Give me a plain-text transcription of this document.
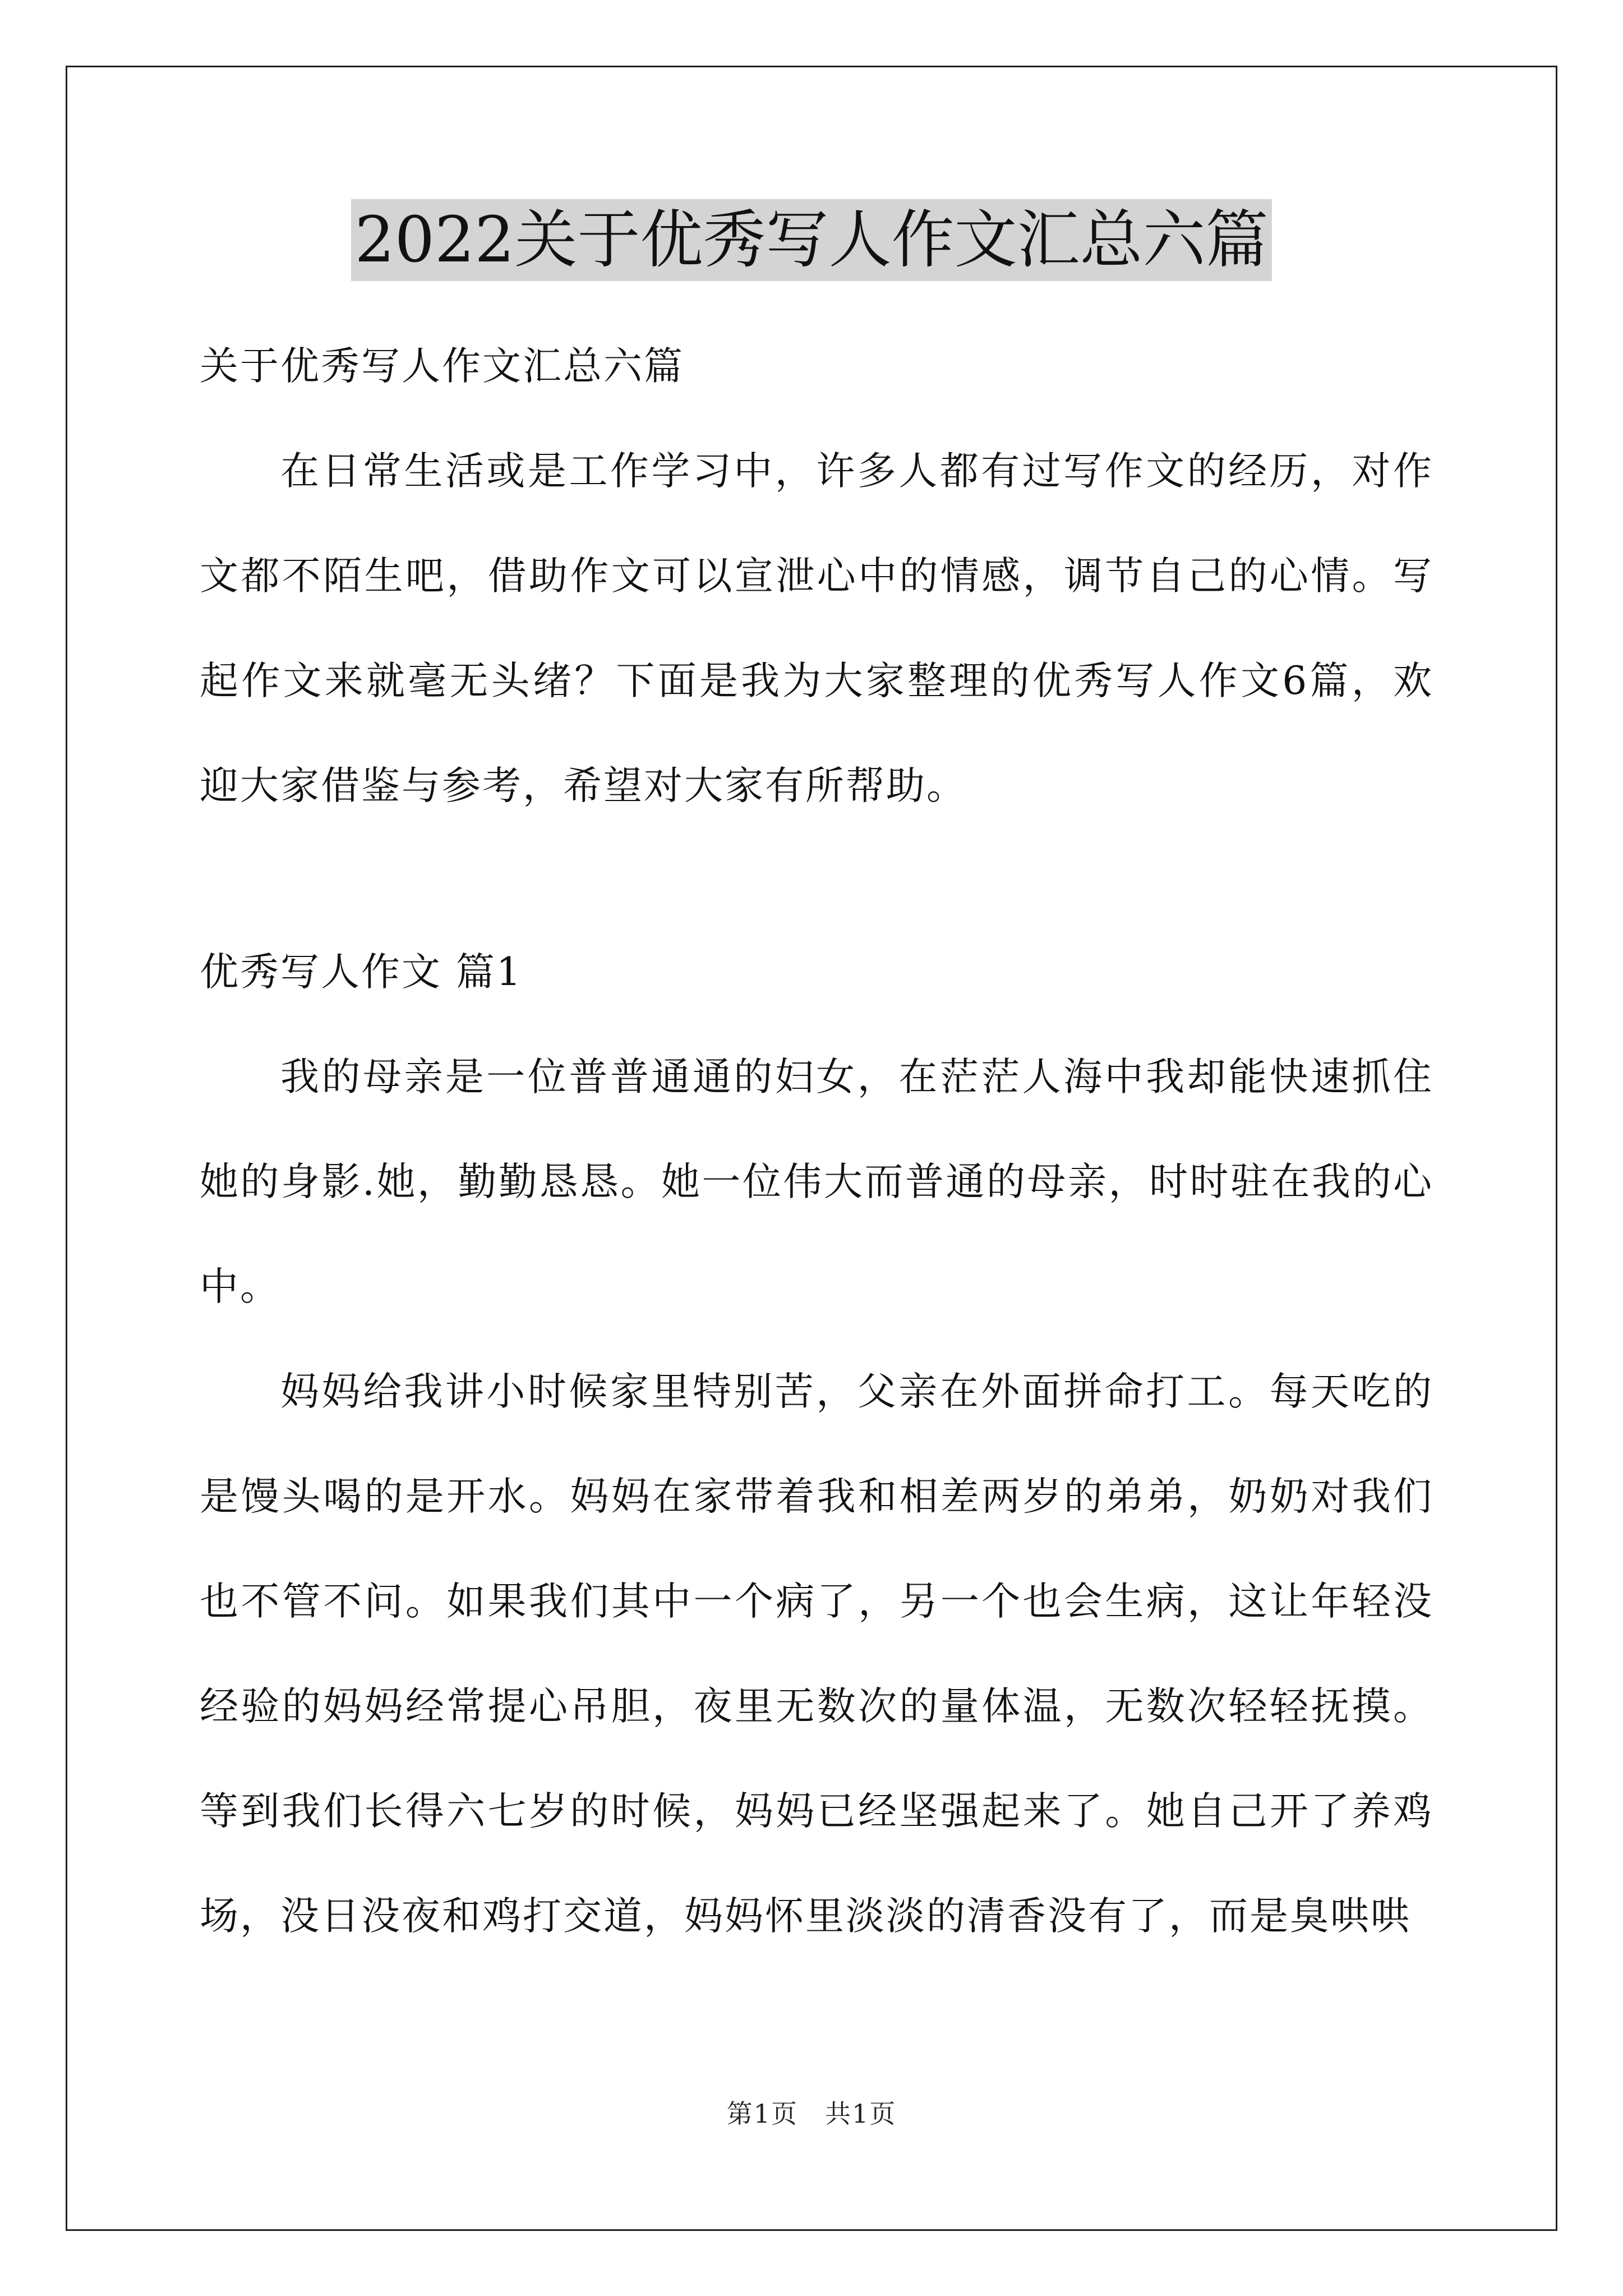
2022关于优秀写人作文汇总六篇

关于优秀写人作文汇总六篇

在日常生活或是工作学习中，许多人都有过写作文的经历，对作文都不陌生吧，借助作文可以宣泄心中的情感，调节自己的心情。写起作文来就毫无头绪？下面是我为大家整理的优秀写人作文6篇，欢迎大家借鉴与参考，希望对大家有所帮助。

优秀写人作文 篇1

我的母亲是一位普普通通的妇女，在茫茫人海中我却能快速抓住她的身影.她，勤勤恳恳。她一位伟大而普通的母亲，时时驻在我的心中。

妈妈给我讲小时候家里特别苦，父亲在外面拼命打工。每天吃的是馒头喝的是开水。妈妈在家带着我和相差两岁的弟弟，奶奶对我们也不管不问。如果我们其中一个病了，另一个也会生病，这让年轻没经验的妈妈经常提心吊胆，夜里无数次的量体温，无数次轻轻抚摸。等到我们长得六七岁的时候，妈妈已经坚强起来了。她自己开了养鸡场，没日没夜和鸡打交道，妈妈怀里淡淡的清香没有了，而是臭哄哄

第1页　共1页
